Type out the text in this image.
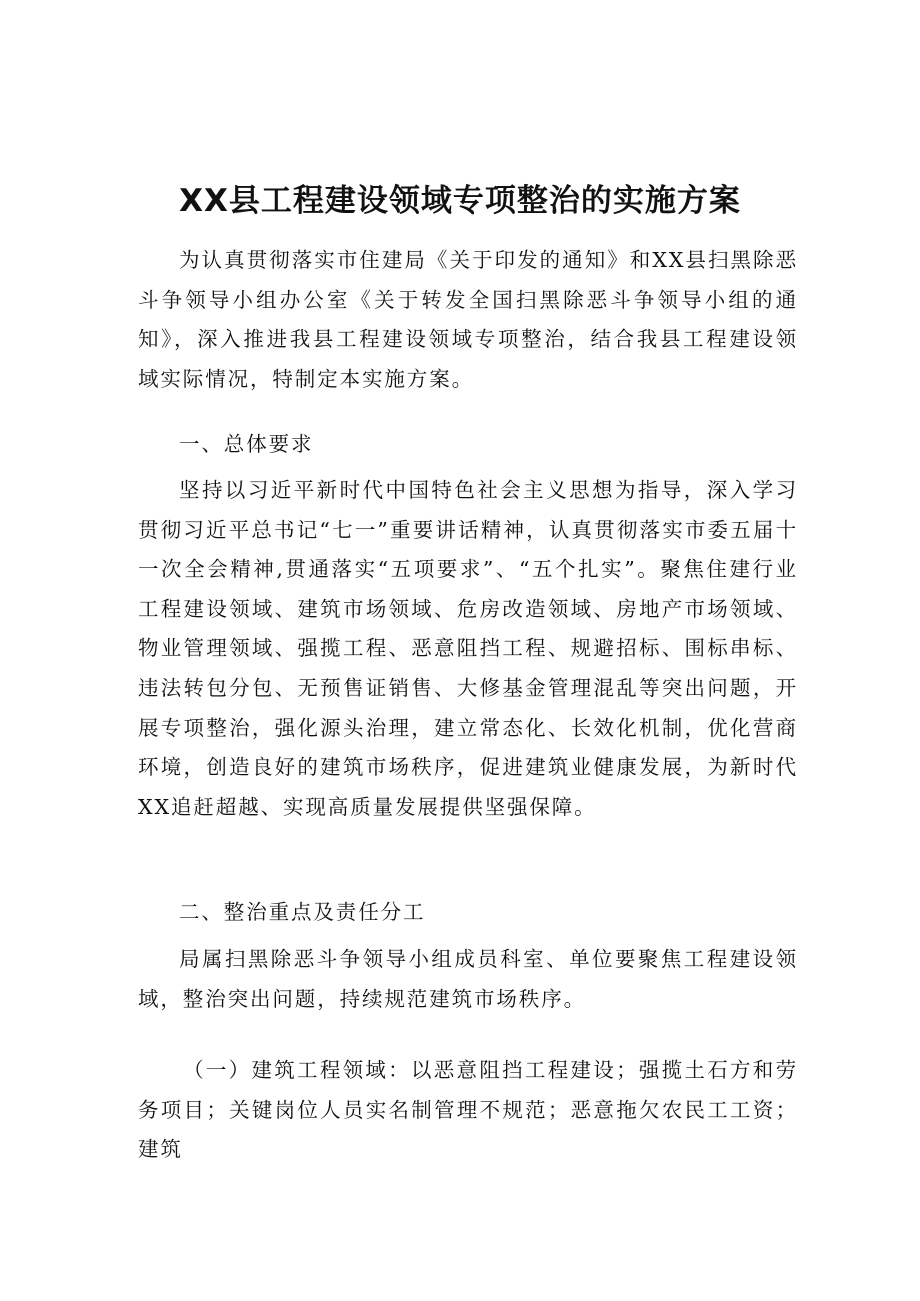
XX县工程建设领域专项整治的实施方案
为认真贯彻落实市住建局《关于印发的通知》和XX县扫黑除恶斗争领导小组办公室《关于转发全国扫黑除恶斗争领导小组的通知》，深入推进我县工程建设领域专项整治，结合我县工程建设领域实际情况，特制定本实施方案。
一、总体要求
坚持以习近平新时代中国特色社会主义思想为指导，深入学习贯彻习近平总书记“七一”重要讲话精神，认真贯彻落实市委五届十一次全会精神,贯通落实“五项要求”、“五个扎实”。聚焦住建行业工程建设领域、建筑市场领域、危房改造领域、房地产市场领域、物业管理领域、强揽工程、恶意阻挡工程、规避招标、围标串标、违法转包分包、无预售证销售、大修基金管理混乱等突出问题，开展专项整治，强化源头治理，建立常态化、长效化机制，优化营商环境，创造良好的建筑市场秩序，促进建筑业健康发展，为新时代XX追赶超越、实现高质量发展提供坚强保障。
二、整治重点及责任分工
局属扫黑除恶斗争领导小组成员科室、单位要聚焦工程建设领域，整治突出问题，持续规范建筑市场秩序。
（一）建筑工程领域：以恶意阻挡工程建设；强揽土石方和劳务项目；关键岗位人员实名制管理不规范；恶意拖欠农民工工资；建筑
